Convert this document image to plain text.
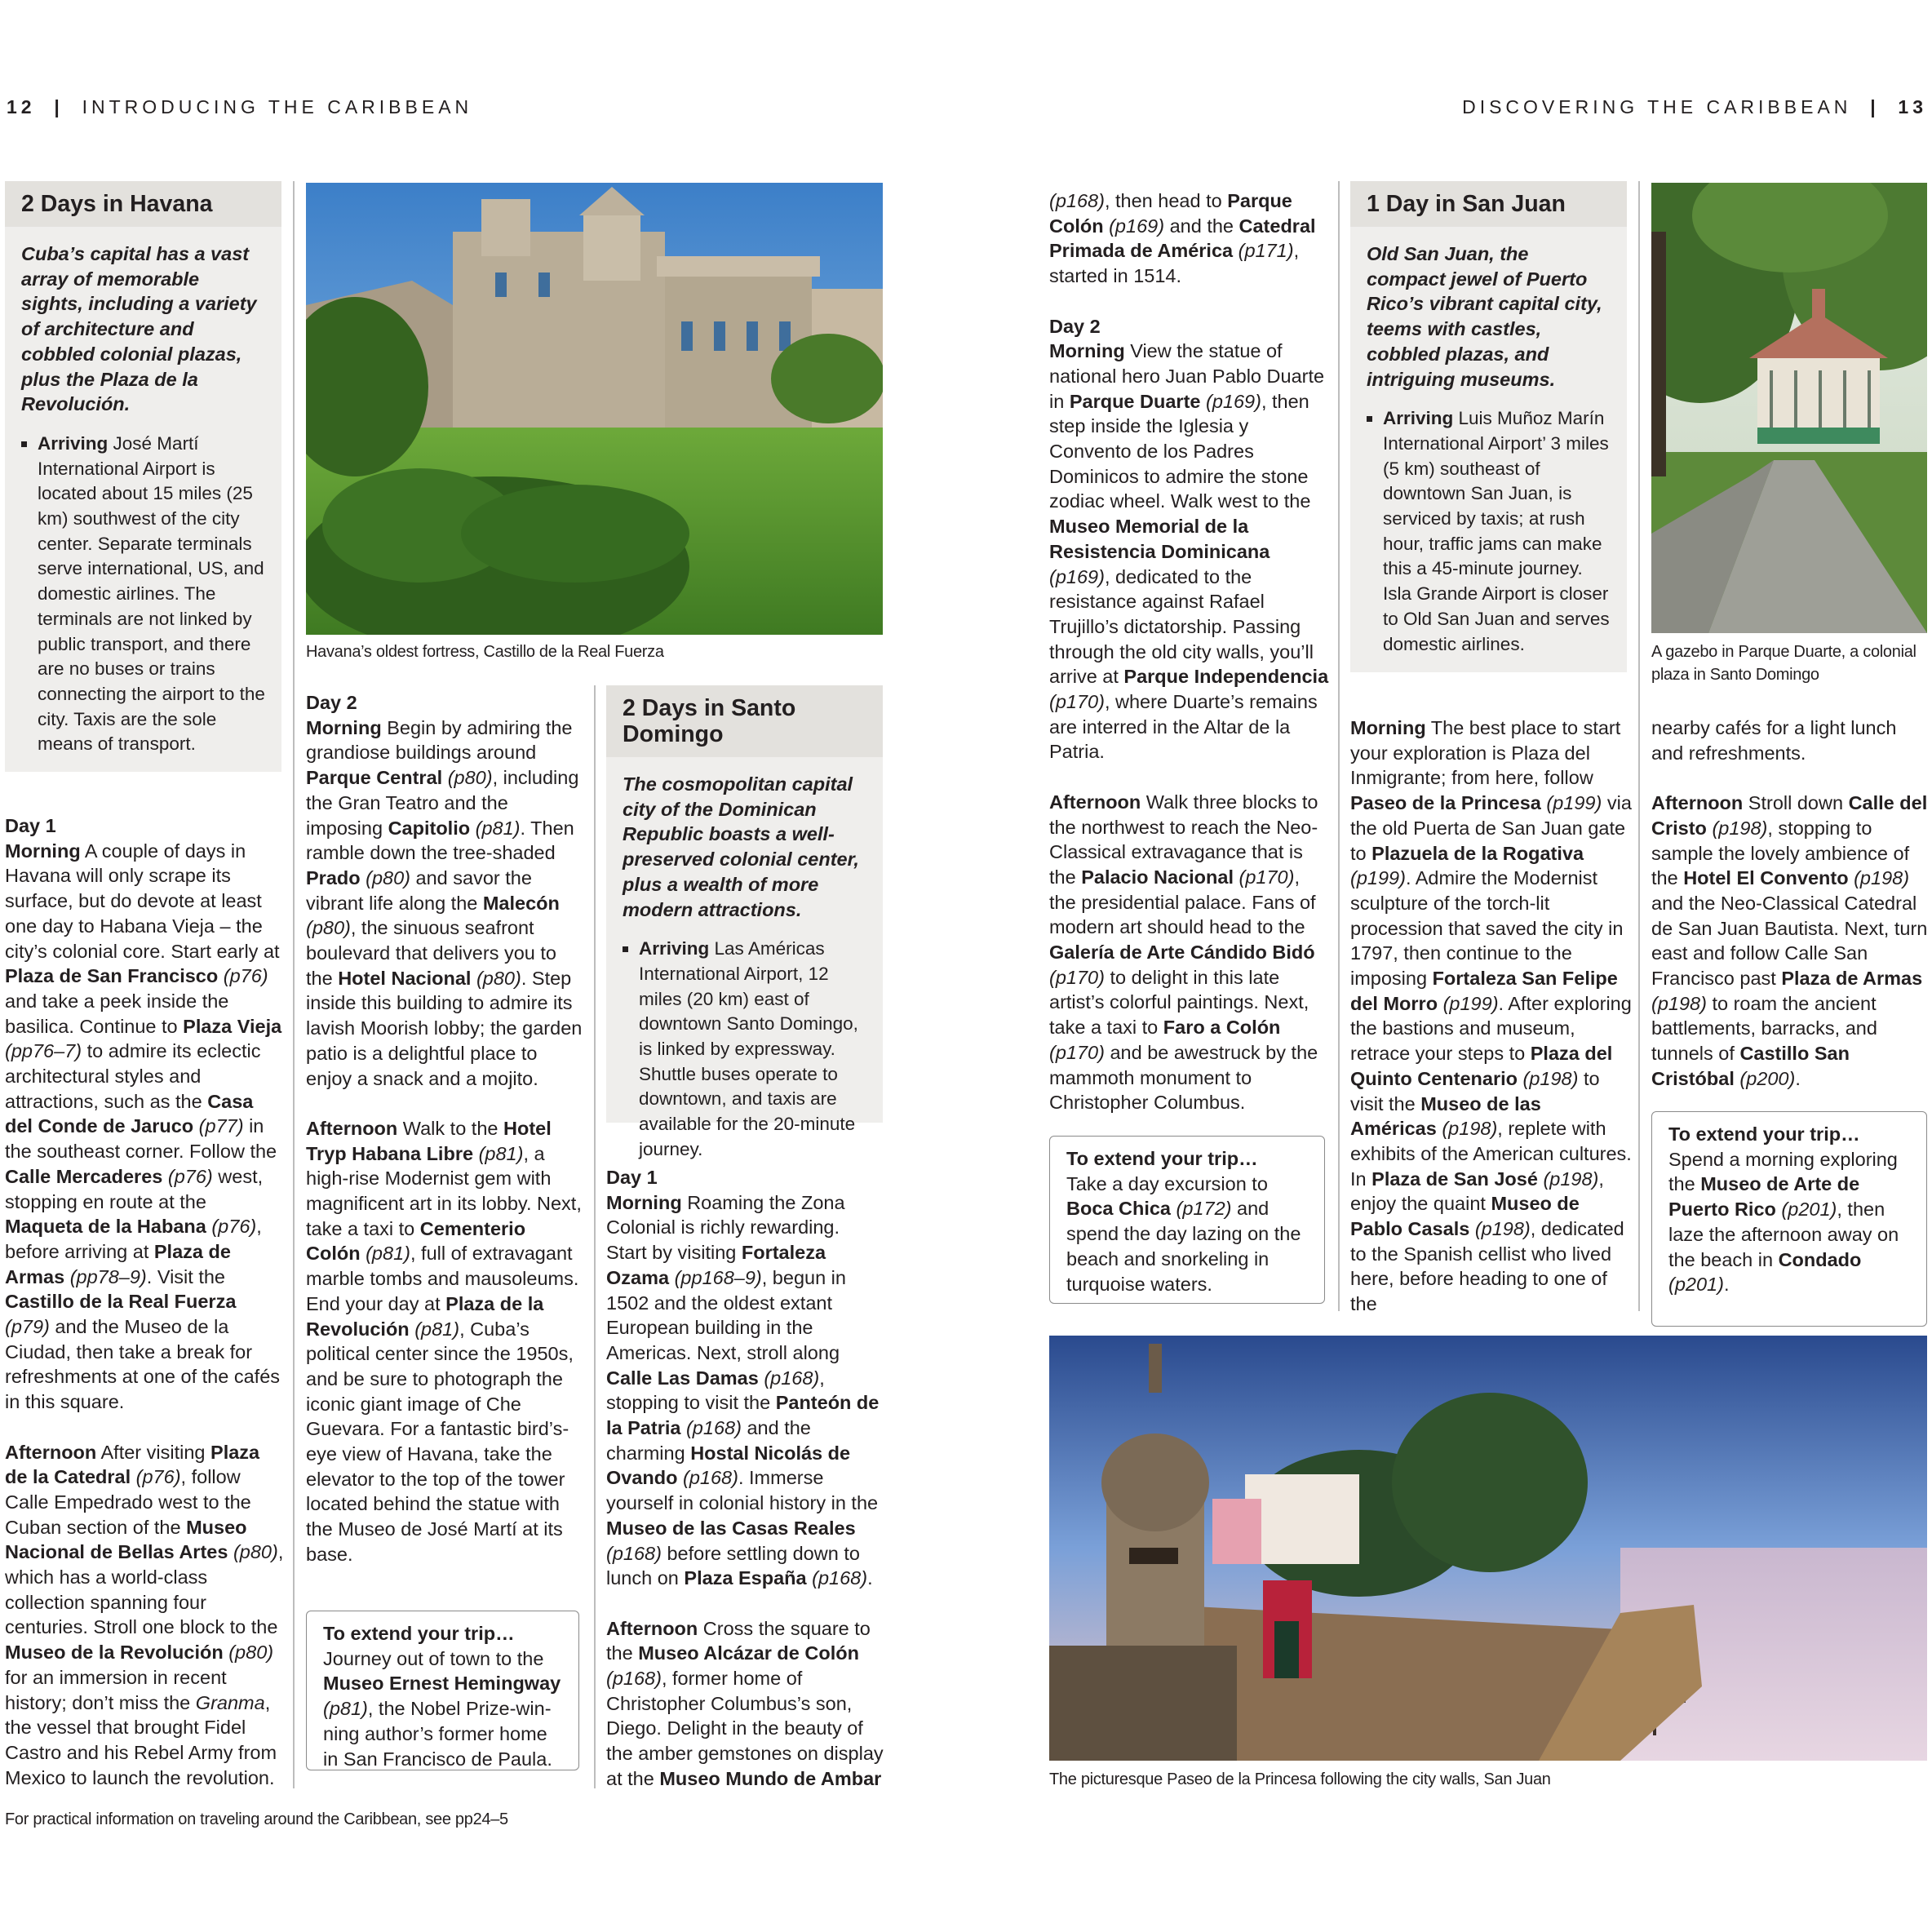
12 | INTRODUCING THE CARIBBEAN	DISCOVERING THE CARIBBEAN | 13
2 Days in Havana
Cuba’s capital has a vast array of memorable sights, including a variety of architecture and cobbled colonial plazas, plus the Plaza de la Revolución.
Arriving José Martí International Airport is located about 15 miles (25 km) southwest of the city center. Separate terminals serve international, US, and domestic airlines. The terminals are not linked by public transport, and there are no buses or trains connecting the airport to the city. Taxis are the sole means of transport.
Havana’s oldest fortress, Castillo de la Real Fuerza

Day 1

Morning A couple of days in Havana will only scrape its surface, but do devote at least one day to Habana Vieja – the city’s colonial core. Start early at Plaza de San Francisco (p76) and take a peek inside the basilica. Continue to Plaza Vieja (pp76–7) to admire its eclectic architectural styles and attractions, such as the Casa del Conde de Jaruco (p77) in the southeast corner. Follow the Calle Mercaderes (p76) west, stopping en route at the Maqueta de la Habana (p76), before arriving at Plaza de Armas (pp78–9). Visit the Castillo de la Real Fuerza (p79) and the Museo de la Ciudad, then take a break for refreshments at one of the cafés in this square.

Afternoon After visiting Plaza de la Catedral (p76), follow Calle Empedrado west to the Cuban section of the Museo Nacional de Bellas Artes (p80), which has a world-class collection spanning four centuries. Stroll one block to the Museo de la Revolución (p80) for an immersion in recent history; don’t miss the Granma, the vessel that brought Fidel Castro and his Rebel Army from Mexico to launch the revolution.

Day 2

Morning Begin by admiring the grandiose buildings around Parque Central (p80), including the Gran Teatro and the imposing Capitolio (p81). Then ramble down the tree-shaded Prado (p80) and savor the vibrant life along the Malecón (p80), the sinuous seafront boulevard that delivers you to the Hotel Nacional (p80). Step inside this building to admire its lavish Moorish lobby; the garden patio is a delightful place to enjoy a snack and a mojito.

Afternoon Walk to the Hotel Tryp Habana Libre (p81), a high-rise Modernist gem with magnificent art in its lobby. Next, take a taxi to Cementerio Colón (p81), full of extravagant marble tombs and mausoleums. End your day at Plaza de la Revolución (p81), Cuba’s political center since the 1950s, and be sure to photograph the iconic giant image of Che Guevara. For a fantastic bird’s-eye view of Havana, take the elevator to the top of the tower located behind the statue with the Museo de José Martí at its base.

To extend your trip…
Journey out of town to the Museo Ernest Hemingway (p81), the Nobel Prize-win-ning author’s former home in San Francisco de Paula.
2 Days in Santo Domingo
The cosmopolitan capital city of the Dominican Republic boasts a well-preserved colonial center, plus a wealth of more modern attractions.
Arriving Las Américas International Airport, 12 miles (20 km) east of downtown Santo Domingo, is linked by expressway. Shuttle buses operate to downtown, and taxis are available for the 20-minute journey.

Day 1

Morning Roaming the Zona Colonial is richly rewarding. Start by visiting Fortaleza Ozama (pp168–9), begun in 1502 and the oldest extant European building in the Americas. Next, stroll along Calle Las Damas (p168), stopping to visit the Panteón de la Patria (p168) and the charming Hostal Nicolás de Ovando (p168). Immerse yourself in colonial history in the Museo de las Casas Reales (p168) before settling down to lunch on Plaza España (p168).

Afternoon Cross the square to the Museo Alcázar de Colón (p168), former home of Christopher Columbus’s son, Diego. Delight in the beauty of the amber gemstones on display at the Museo Mundo de Ambar

(p168), then head to Parque Colón (p169) and the Catedral Primada de América (p171), started in 1514.

Day 2

Morning View the statue of national hero Juan Pablo Duarte in Parque Duarte (p169), then step inside the Iglesia y Convento de los Padres Dominicos to admire the stone zodiac wheel. Walk west to the Museo Memorial de la Resistencia Dominicana (p169), dedicated to the resistance against Rafael Trujillo’s dictatorship. Passing through the old city walls, you’ll arrive at Parque Independencia (p170), where Duarte’s remains are interred in the Altar de la Patria.

Afternoon Walk three blocks to the northwest to reach the Neo-Classical extravagance that is the Palacio Nacional (p170), the presidential palace. Fans of modern art should head to the Galería de Arte Cándido Bidó (p170) to delight in this late artist’s colorful paintings. Next, take a taxi to Faro a Colón (p170) and be awestruck by the mammoth monument to Christopher Columbus.

To extend your trip…
Take a day excursion to Boca Chica (p172) and spend the day lazing on the beach and snorkeling in turquoise waters.
1 Day in San Juan
Old San Juan, the compact jewel of Puerto Rico’s vibrant capital city, teems with castles, cobbled plazas, and intriguing museums.
Arriving Luis Muñoz Marín International Airport’ 3 miles (5 km) southeast of downtown San Juan, is serviced by taxis; at rush hour, traffic jams can make this a 45-minute journey. Isla Grande Airport is closer to Old San Juan and serves domestic airlines.	A gazebo in Parque Duarte, a colonial plaza in Santo Domingo

Morning The best place to start your exploration is Plaza del Inmigrante; from here, follow Paseo de la Princesa (p199) via the old Puerta de San Juan gate to Plazuela de la Rogativa (p199). Admire the Modernist sculpture of the torch-lit procession that saved the city in 1797, then continue to the imposing Fortaleza San Felipe del Morro (p199). After exploring the bastions and museum, retrace your steps to Plaza del Quinto Centenario (p198) to visit the Museo de las Américas (p198), replete with exhibits of the American cultures. In Plaza de San José (p198), enjoy the quaint Museo de Pablo Casals (p198), dedicated to the Spanish cellist who lived here, before heading to one of the

nearby cafés for a light lunch and refreshments.

Afternoon Stroll down Calle del Cristo (p198), stopping to sample the lovely ambience of the Hotel El Convento (p198) and the Neo-Classical Catedral de San Juan Bautista. Next, turn east and follow Calle San Francisco past Plaza de Armas (p198) to roam the ancient battlements, barracks, and tunnels of Castillo San Cristóbal (p200).

To extend your trip…
Spend a morning exploring the Museo de Arte de Puerto Rico (p201), then laze the afternoon away on the beach in Condado (p201).
The picturesque Paseo de la Princesa following the city walls, San Juan
For practical information on traveling around the Caribbean, see pp24–5
